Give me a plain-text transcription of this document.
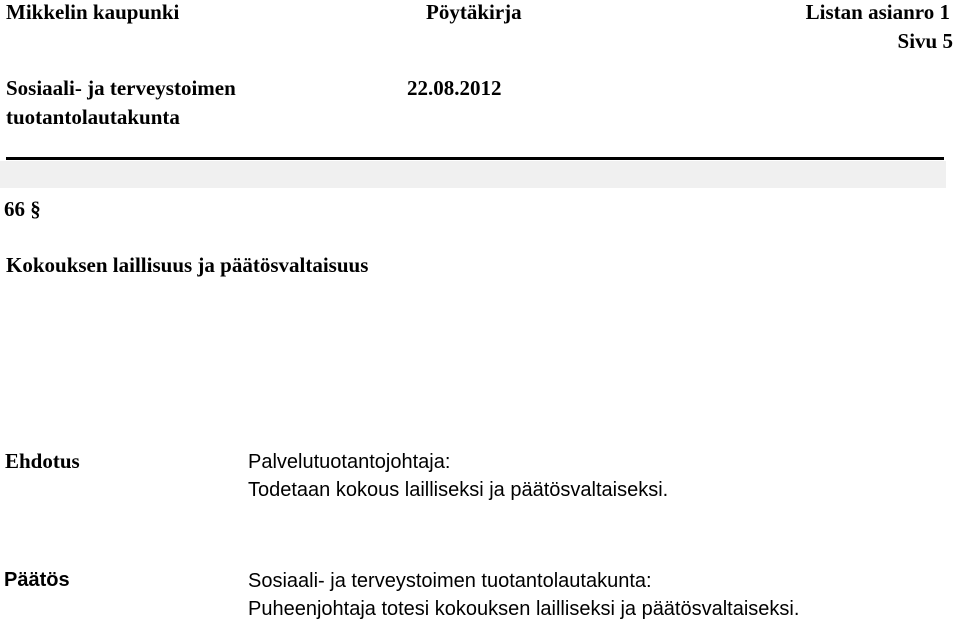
Mikkelin kaupunki	Pöytäkirja	Listan asianro 1
Sivu 5
Sosiaali- ja terveystoimen
tuotantolautakunta
22.08.2012
66 §
Kokouksen laillisuus ja päätösvaltaisuus
Ehdotus	Palvelutuotantojohtaja:
Todetaan kokous lailliseksi ja päätösvaltaiseksi.
Päätös	Sosiaali- ja terveystoimen tuotantolautakunta:
Puheenjohtaja totesi kokouksen lailliseksi ja päätösvaltaiseksi.
